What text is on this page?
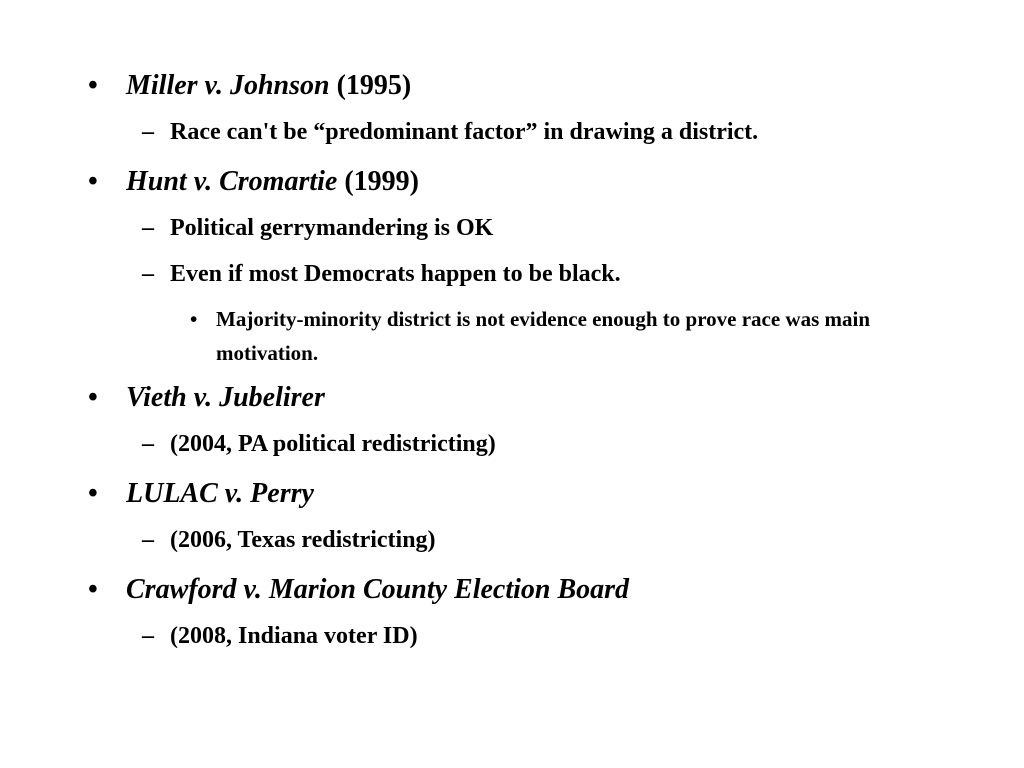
• Miller v. Johnson (1995)
– Race can't be “predominant factor” in drawing a district.
• Hunt v. Cromartie (1999)
– Political gerrymandering is OK
– Even if most Democrats happen to be black.
• Majority-minority district is not evidence enough to prove race was main motivation.
• Vieth v. Jubelirer
– (2004, PA political redistricting)
• LULAC v. Perry
– (2006, Texas redistricting)
• Crawford v. Marion County Election Board
– (2008, Indiana voter ID)
